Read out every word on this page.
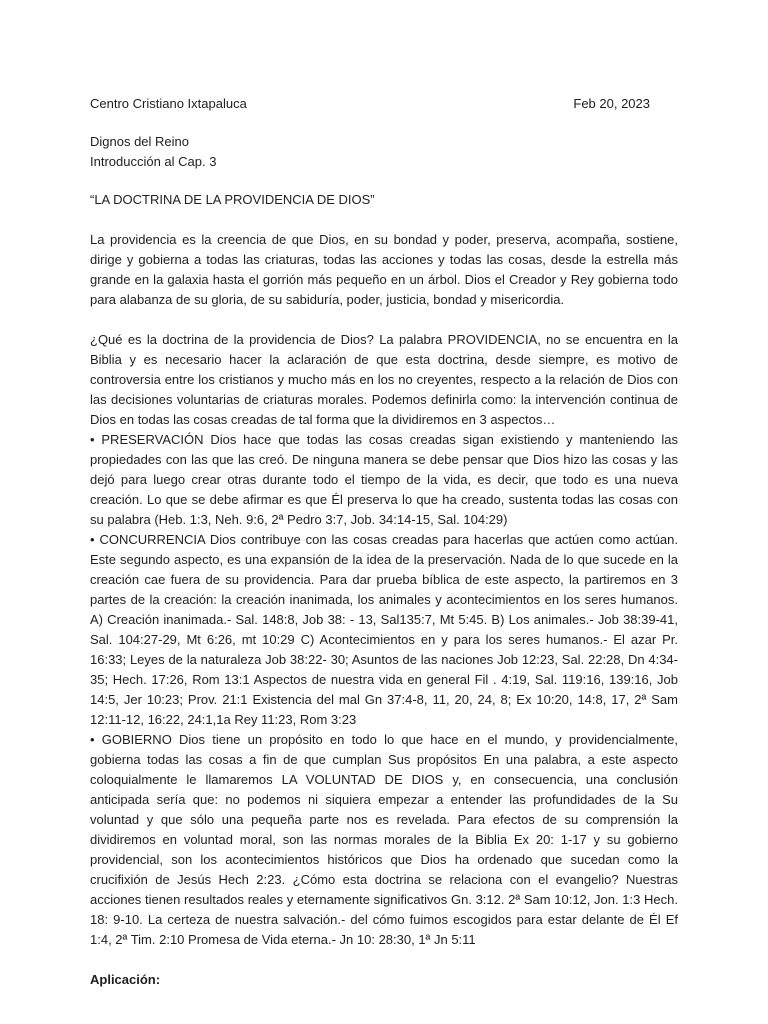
Centro Cristiano Ixtapaluca	Feb 20, 2023

Dignos del Reino

Introducción al Cap. 3

“LA DOCTRINA DE LA PROVIDENCIA DE DIOS”

La providencia es la creencia de que Dios, en su bondad y poder, preserva, acompaña, sostiene, dirige y gobierna a todas las criaturas, todas las acciones y todas las cosas, desde la estrella más grande en la galaxia hasta el gorrión más pequeño en un árbol. Dios el Creador y Rey gobierna todo para alabanza de su gloria, de su sabiduría, poder, justicia, bondad y misericordia.

¿Qué es la doctrina de la providencia de Dios? La palabra PROVIDENCIA, no se encuentra en la Biblia y es necesario hacer la aclaración de que esta doctrina, desde siempre, es motivo de controversia entre los cristianos y mucho más en los no creyentes, respecto a la relación de Dios con las decisiones voluntarias de criaturas morales. Podemos definirla como: la intervención continua de Dios en todas las cosas creadas de tal forma que la dividiremos en 3 aspectos…

• PRESERVACIÓN Dios hace que todas las cosas creadas sigan existiendo y manteniendo las propiedades con las que las creó. De ninguna manera se debe pensar que Dios hizo las cosas y las dejó para luego crear otras durante todo el tiempo de la vida, es decir, que todo es una nueva creación. Lo que se debe afirmar es que Él preserva lo que ha creado, sustenta todas las cosas con su palabra (Heb. 1:3, Neh. 9:6, 2ª Pedro 3:7, Job. 34:14-15, Sal. 104:29)

• CONCURRENCIA Dios contribuye con las cosas creadas para hacerlas que actúen como actúan. Este segundo aspecto, es una expansión de la idea de la preservación. Nada de lo que sucede en la creación cae fuera de su providencia. Para dar prueba bíblica de este aspecto, la partiremos en 3 partes de la creación: la creación inanimada, los animales y acontecimientos en los seres humanos. A) Creación inanimada.- Sal. 148:8, Job 38: - 13, Sal135:7, Mt 5:45. B) Los animales.- Job 38:39-41, Sal. 104:27-29, Mt 6:26, mt 10:29 C) Acontecimientos en y para los seres humanos.- El azar Pr. 16:33; Leyes de la naturaleza Job 38:22- 30; Asuntos de las naciones Job 12:23, Sal. 22:28, Dn 4:34-35; Hech. 17:26, Rom 13:1 Aspectos de nuestra vida en general Fil . 4:19, Sal. 119:16, 139:16, Job 14:5, Jer 10:23; Prov. 21:1 Existencia del mal Gn 37:4-8, 11, 20, 24, 8; Ex 10:20, 14:8, 17, 2ª Sam 12:11-12, 16:22, 24:1,1a Rey 11:23, Rom 3:23

• GOBIERNO Dios tiene un propósito en todo lo que hace en el mundo, y providencialmente, gobierna todas las cosas a fin de que cumplan Sus propósitos En una palabra, a este aspecto coloquialmente le llamaremos LA VOLUNTAD DE DIOS y, en consecuencia, una conclusión anticipada sería que: no podemos ni siquiera empezar a entender las profundidades de la Su voluntad y que sólo una pequeña parte nos es revelada. Para efectos de su comprensión la dividiremos en voluntad moral, son las normas morales de la Biblia Ex 20: 1-17 y su gobierno providencial, son los acontecimientos históricos que Dios ha ordenado que sucedan como la crucifixión de Jesús Hech 2:23. ¿Cómo esta doctrina se relaciona con el evangelio? Nuestras acciones tienen resultados reales y eternamente significativos Gn. 3:12. 2ª Sam 10:12, Jon. 1:3 Hech. 18: 9-10. La certeza de nuestra salvación.- del cómo fuimos escogidos para estar delante de Él Ef 1:4, 2ª Tim. 2:10 Promesa de Vida eterna.- Jn 10: 28:30, 1ª Jn 5:11

Aplicación:
